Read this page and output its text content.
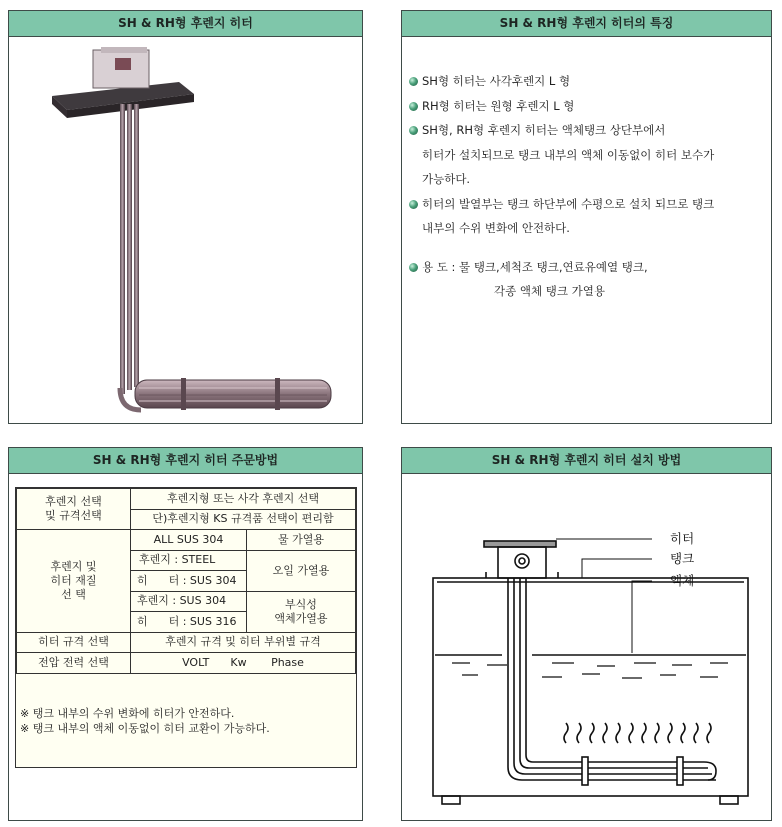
SH & RH형 후렌지 히터	SH & RH형 후렌지 히터의 특징
SH형 히터는 사각후렌지 L 형
RH형 히터는 원형 후렌지 L 형
SH형, RH형 후렌지 히터는 액체탱크 상단부에서
히터가 설치되므로 탱크 내부의 액체 이동없이 히터 보수가
가능하다.
히터의 발열부는 탱크 하단부에 수평으로 설치 되므로 탱크
내부의 수위 변화에 안전하다.
용 도 : 물 탱크,세척조 탱크,연료유예열 탱크,
각종 액체 탱크 가열용
SH & RH형 후렌지 히터 주문방법
후렌지 선택
및 규격선택	후렌지형 또는 사각 후렌지 선택	
	단)후렌지형 KS 규격품 선택이 편리함	
후렌지 및
히터 재질
선 택	ALL SUS 304	물 가열용
	후렌지 : STEEL	오일 가열용
	히      터 : SUS 304	
	후렌지 : SUS 304	부식성
액체가열용
	히      터 : SUS 316	
히터 규격 선택	후렌지 규격 및 히터 부위별 규격	
전압 전력 선택	VOLT      Kw       Phase	
※ 탱크 내부의 수위 변화에 히터가 안전하다.
※ 탱크 내부의 액체 이동없이 히터 교환이 가능하다.
SH & RH형 후렌지 히터 설치 방법
히터
탱크
액체
